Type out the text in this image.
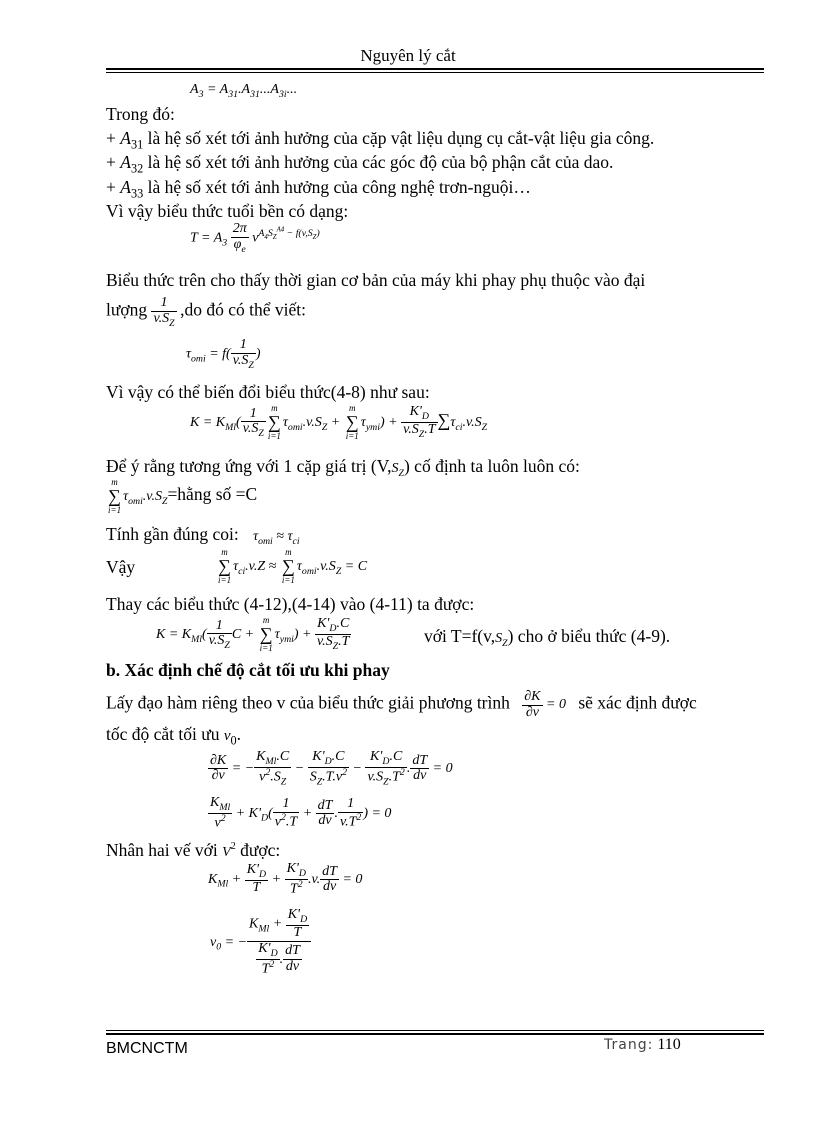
Nguyên lý cắt
$A_3 = A_{31}.A_{31}...A_{3i}$...
Trong đó:
+ $A_{31}$ là hệ số xét tới ảnh hưởng của cặp vật liệu dụng cụ cắt-vật liệu gia công.
+ $A_{32}$ là hệ số xét tới ảnh hưởng của các góc độ của bộ phận cắt của dao.
+ $A_{33}$ là hệ số xét tới ảnh hưởng của công nghệ trơn-nguội…
Vì vậy biểu thức tuổi bền có dạng:
$T = A_3 \frac{2\pi}{\varphi_e} v^{A_4S_Z^{A4} - f(v,S_Z)}$
Biểu thức trên cho thấy thời gian cơ bản của máy khi phay phụ thuộc vào đại
lượng $\frac{1}{v.S_Z} ,do$ đó có thể viết:
$\tau_{omi} = f( \frac{1}{v.S_Z}$ )
Vì vậy có thể biến đổi biểu thức(4-8) như sau:
$K = K_{Ml}( \frac{1}{v.S_Z}$ m
∑
i=1
$\tau_{omi}.v.S_Z$ +
m
∑
i=1
$\tau_{ymi}) + \frac{K'_D}{v.S_Z.T} \sum\tau_{ci}.v.S_Z$
Để ý rằng tương ứng với 1 cặp giá trị $(V,S_Z)$ cố định ta luôn luôn có:
m
∑
i=1
$\tau_{omi}.v.S_Z=hằng$ số =C
Tính gần đúng coi: $\tau_{omi} \approx \tau_{ci}$
Vậy
m
∑
i=1
$\tau_{ci}.v.Z$ ≈
m
∑
i=1
$\tau_{omi}.v.S_Z = C$
Thay các biểu thức (4-12),(4-14) vào (4-11) ta được:
$K = K_{Ml}( \frac{1}{v.S_Z}$ C +
m
∑
i=1
$\tau_{ymi}) + \frac{K'_D.C}{v.S_Z.T}$	với $T=f(v,S_Z)$ cho ở biểu thức (4-9).
b. Xác định chế độ cắt tối ưu khi phay
Lấy đạo hàm riêng theo v của biểu thức giải phương trình $\frac{\partial K}{\partial v} = 0$ sẽ xác định được
tốc độ cắt tối ưu $v_0$.
$\frac{\partial K}{\partial v}$ = − $\frac{K_{Ml}.C}{v^2.S_Z} - \frac{K'_D.C}{S_Z.T.v^2} - \frac{K'_D.C}{v.S_Z.T^2}$ . $\frac{dT}{dv} = 0$
$\frac{K_{Ml}}{v^2} + K'_D( \frac{1}{v^2.T} + \frac{dT}{dv}$ . $\frac{1}{v.T^2}$ ) = 0
Nhân hai vế với $V^2$ được:
$K_{Ml} + \frac{K'_D}{T} + \frac{K'_D}{T^2} .v$. $\frac{dT}{dv} = 0$
$v_0$ = − $\frac{K_{Ml} + \frac{K'_D}{T}}{\frac{K'_D}{T^2} . \frac{dT}{dv}}$
BMCNCTM	Trang: 110
